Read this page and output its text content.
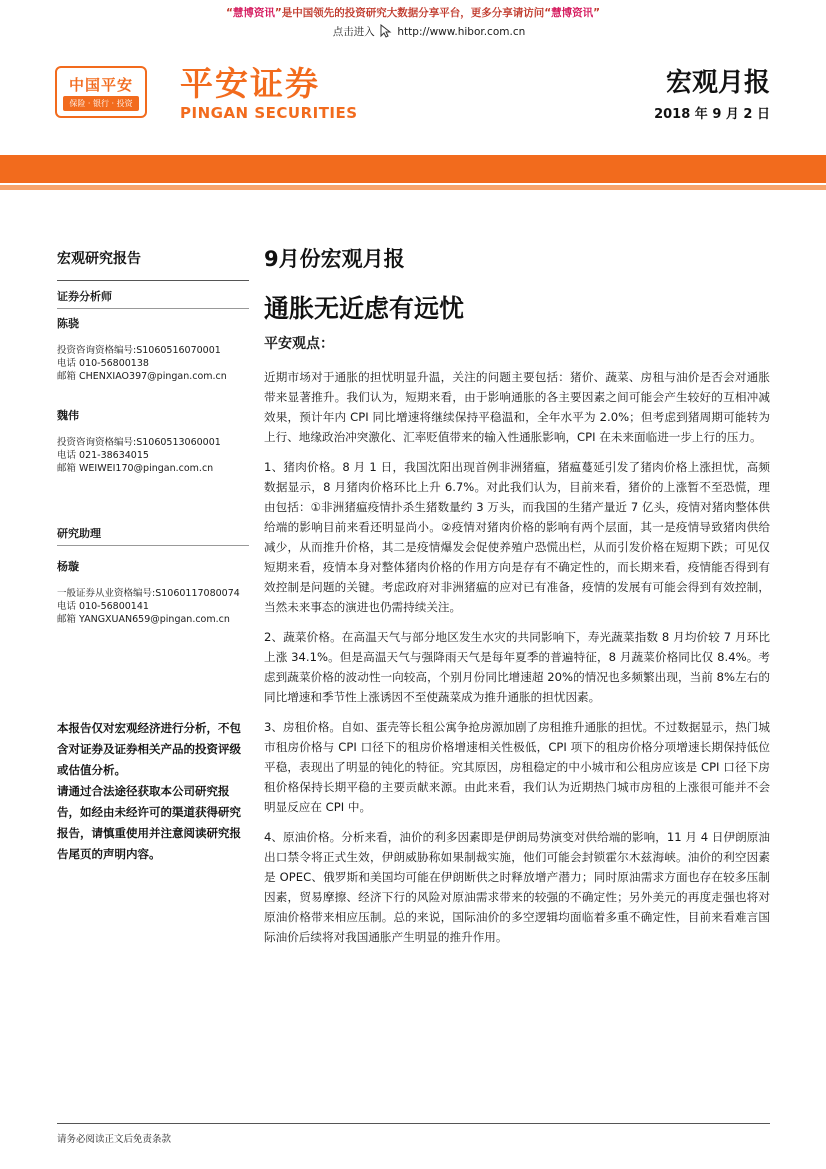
“慧博资讯”是中国领先的投资研究大数据分享平台，更多分享请访问“慧博资讯”
点击进入 http://www.hibor.com.cn
中国平安
保险 · 银行 · 投资
平安证券
PINGAN SECURITIES
宏观月报
2018 年 9 月 2 日
宏观研究报告
证券分析师
陈骁
投资咨询资格编号:S1060516070001
电话 010-56800138
邮箱 CHENXIAO397@pingan.com.cn
魏伟
投资咨询资格编号:S1060513060001
电话 021-38634015
邮箱 WEIWEI170@pingan.com.cn
研究助理
杨璇
一般证券从业资格编号:S1060117080074
电话 010-56800141
邮箱 YANGXUAN659@pingan.com.cn
本报告仅对宏观经济进行分析，不包含对证券及证券相关产品的投资评级或估值分析。
请通过合法途径获取本公司研究报告，如经由未经许可的渠道获得研究报告，请慎重使用并注意阅读研究报告尾页的声明内容。
9月份宏观月报
通胀无近虑有远忧
平安观点：

近期市场对于通胀的担忧明显升温，关注的问题主要包括：猪价、蔬菜、房租与油价是否会对通胀带来显著推升。我们认为，短期来看，由于影响通胀的各主要因素之间可能会产生较好的互相冲减效果，预计年内 CPI 同比增速将继续保持平稳温和，全年水平为 2.0%；但考虑到猪周期可能转为上行、地缘政治冲突激化、汇率贬值带来的输入性通胀影响，CPI 在未来面临进一步上行的压力。

1、猪肉价格。8 月 1 日，我国沈阳出现首例非洲猪瘟，猪瘟蔓延引发了猪肉价格上涨担忧，高频数据显示，8 月猪肉价格环比上升 6.7%。对此我们认为，目前来看，猪价的上涨暂不至恐慌，理由包括：①非洲猪瘟疫情扑杀生猪数量约 3 万头，而我国的生猪产量近 7 亿头，疫情对猪肉整体供给端的影响目前来看还明显尚小。②疫情对猪肉价格的影响有两个层面，其一是疫情导致猪肉供给减少，从而推升价格，其二是疫情爆发会促使养殖户恐慌出栏，从而引发价格在短期下跌；可见仅短期来看，疫情本身对整体猪肉价格的作用方向是存有不确定性的，而长期来看，疫情能否得到有效控制是问题的关键。考虑政府对非洲猪瘟的应对已有准备，疫情的发展有可能会得到有效控制，当然未来事态的演进也仍需持续关注。

2、蔬菜价格。在高温天气与部分地区发生水灾的共同影响下，寿光蔬菜指数 8 月均价较 7 月环比上涨 34.1%。但是高温天气与强降雨天气是每年夏季的普遍特征，8 月蔬菜价格同比仅 8.4%。考虑到蔬菜价格的波动性一向较高，个别月份同比增速超 20%的情况也多频繁出现，当前 8%左右的同比增速和季节性上涨诱因不至使蔬菜成为推升通胀的担忧因素。

3、房租价格。自如、蛋壳等长租公寓争抢房源加剧了房租推升通胀的担忧。不过数据显示，热门城市租房价格与 CPI 口径下的租房价格增速相关性极低，CPI 项下的租房价格分项增速长期保持低位平稳，表现出了明显的钝化的特征。究其原因，房租稳定的中小城市和公租房应该是 CPI 口径下房租价格保持长期平稳的主要贡献来源。由此来看，我们认为近期热门城市房租的上涨很可能并不会明显反应在 CPI 中。

4、原油价格。分析来看，油价的利多因素即是伊朗局势演变对供给端的影响，11 月 4 日伊朗原油出口禁令将正式生效，伊朗威胁称如果制裁实施，他们可能会封锁霍尔木兹海峡。油价的利空因素是 OPEC、俄罗斯和美国均可能在伊朗断供之时释放增产潜力；同时原油需求方面也存在较多压制因素，贸易摩擦、经济下行的风险对原油需求带来的较强的不确定性；另外美元的再度走强也将对原油价格带来相应压制。总的来说，国际油价的多空逻辑均面临着多重不确定性，目前来看难言国际油价后续将对我国通胀产生明显的推升作用。

请务必阅读正文后免责条款
